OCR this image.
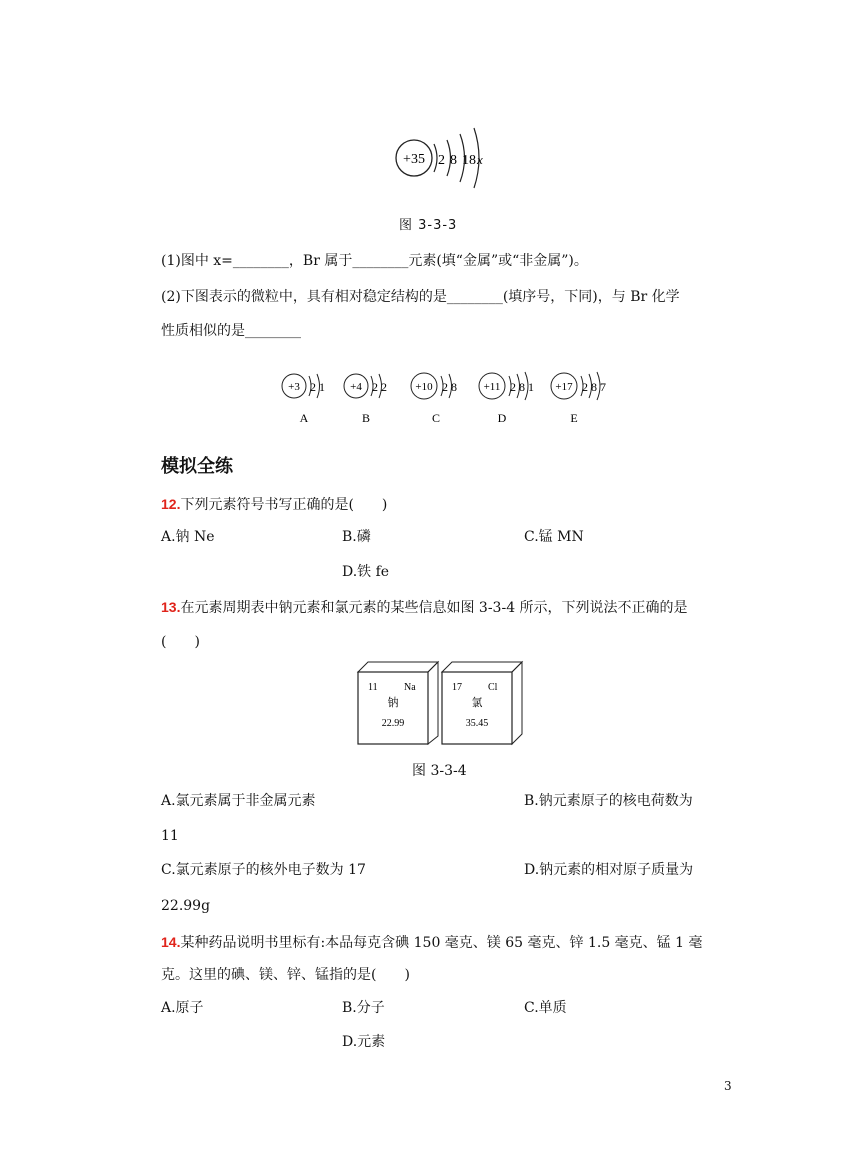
+35 2 8 18 x
图 3-3-3
(1)图中 x=________，Br 属于________元素(填“金属”或“非金属”)。
(2)下图表示的微粒中，具有相对稳定结构的是________(填序号，下同)，与 Br 化学
性质相似的是________
+3 2 1
A
+4 2 2
B
+10 2 8
C
+11 2 8 1
D
+17 2 8 7
E
模拟全练
12.下列元素符号书写正确的是(　　)
A.钠 Ne	B.磷	C.锰 MN
D.铁 fe
13.在元素周期表中钠元素和氯元素的某些信息如图 3-3-4 所示，下列说法不正确的是
(　　)
11	Na
钠
22.99
17	Cl
氯
35.45
图 3-3-4
A.氯元素属于非金属元素	B.钠元素原子的核电荷数为
11
C.氯元素原子的核外电子数为 17	D.钠元素的相对原子质量为
22.99g
14.某种药品说明书里标有:本品每克含碘 150 毫克、镁 65 毫克、锌 1.5 毫克、锰 1 毫
克。这里的碘、镁、锌、锰指的是(　　)
A.原子	B.分子	C.单质
D.元素
3
